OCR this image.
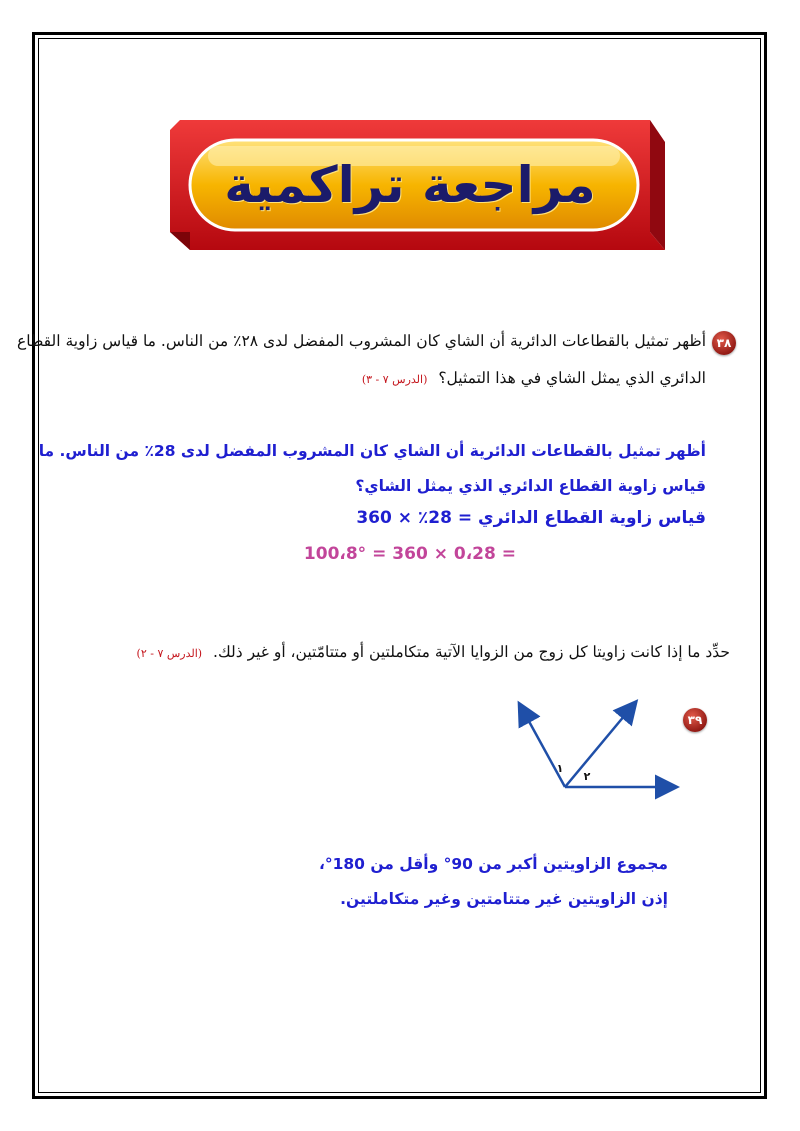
مراجعة تراكمية
٣٨
أظهر تمثيل بالقطاعات الدائرية أن الشاي كان المشروب المفضل لدى ٢٨٪ من الناس. ما قياس زاوية القطاع
الدائري الذي يمثل الشاي في هذا التمثيل؟ (الدرس ٧ - ٣)
أظهر تمثيل بالقطاعات الدائرية أن الشاي كان المشروب المفضل لدى 28٪ من الناس. ما
قياس زاوية القطاع الدائري الذي يمثل الشاي؟
قياس زاوية القطاع الدائري = 28٪ × 360
= 0،28 × 360 = 100،8°
حدِّد ما إذا كانت زاويتا كل زوج من الزوايا الآتية متكاملتين أو متتامّتين، أو غير ذلك. (الدرس ٧ - ٢)
٣٩
١
٢
مجموع الزاويتين أكبر من 90° وأقل من 180°،
إذن الزاويتين غير متتامتين وغير متكاملتين.
